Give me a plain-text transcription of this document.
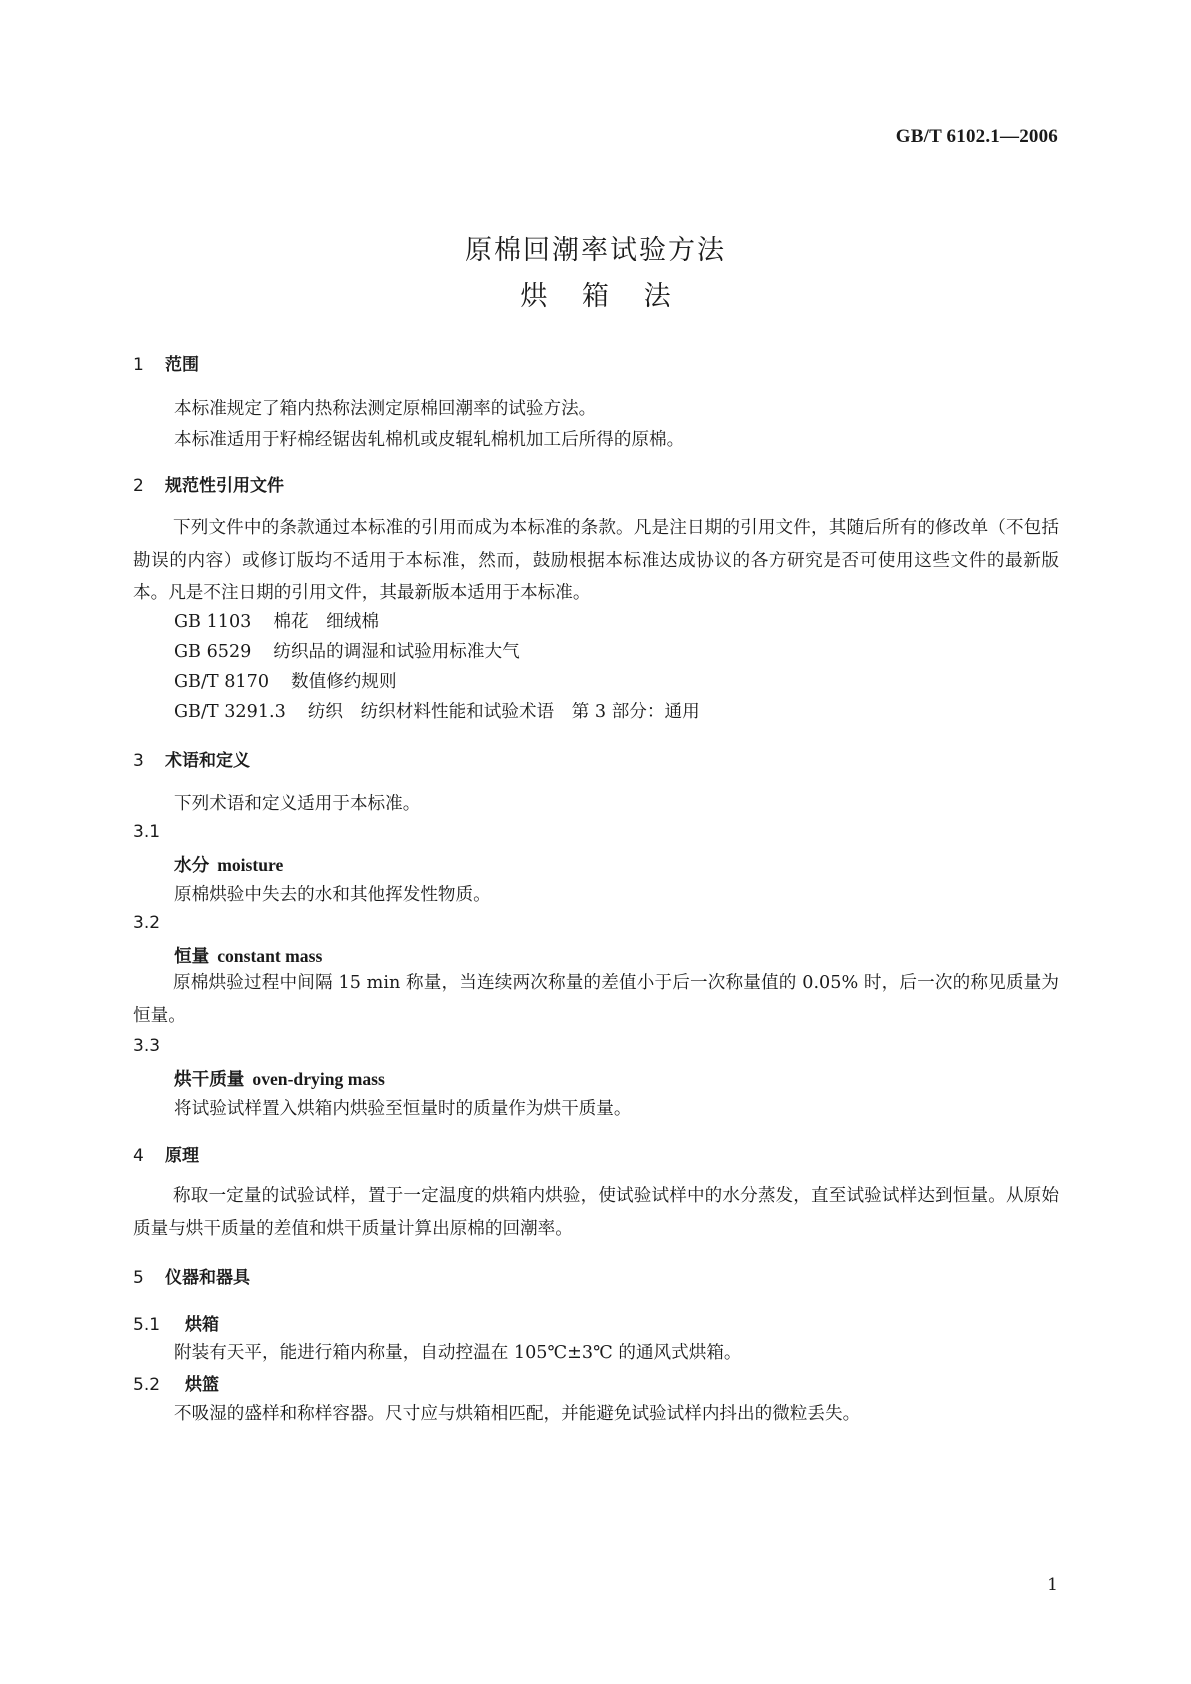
GB/T 6102.1—2006
原棉回潮率试验方法
烘 箱 法
1 范围
本标准规定了箱内热称法测定原棉回潮率的试验方法。
本标准适用于籽棉经锯齿轧棉机或皮辊轧棉机加工后所得的原棉。
2 规范性引用文件

下列文件中的条款通过本标准的引用而成为本标准的条款。凡是注日期的引用文件，其随后所有的修改单（不包括勘误的内容）或修订版均不适用于本标准，然而，鼓励根据本标准达成协议的各方研究是否可使用这些文件的最新版本。凡是不注日期的引用文件，其最新版本适用于本标准。

GB 1103 棉花　细绒棉
GB 6529 纺织品的调湿和试验用标准大气
GB/T 8170 数值修约规则
GB/T 3291.3 纺织　纺织材料性能和试验术语　第 3 部分：通用
3 术语和定义
下列术语和定义适用于本标准。
3.1
水分 moisture
原棉烘验中失去的水和其他挥发性物质。
3.2
恒量 constant mass

原棉烘验过程中间隔 15 min 称量，当连续两次称量的差值小于后一次称量值的 0.05% 时，后一次的称见质量为恒量。

3.3
烘干质量 oven-drying mass
将试验试样置入烘箱内烘验至恒量时的质量作为烘干质量。
4 原理

称取一定量的试验试样，置于一定温度的烘箱内烘验，使试验试样中的水分蒸发，直至试验试样达到恒量。从原始质量与烘干质量的差值和烘干质量计算出原棉的回潮率。

5 仪器和器具
5.1 烘箱
附装有天平，能进行箱内称量，自动控温在 105℃±3℃ 的通风式烘箱。
5.2 烘篮
不吸湿的盛样和称样容器。尺寸应与烘箱相匹配，并能避免试验试样内抖出的微粒丢失。
1
